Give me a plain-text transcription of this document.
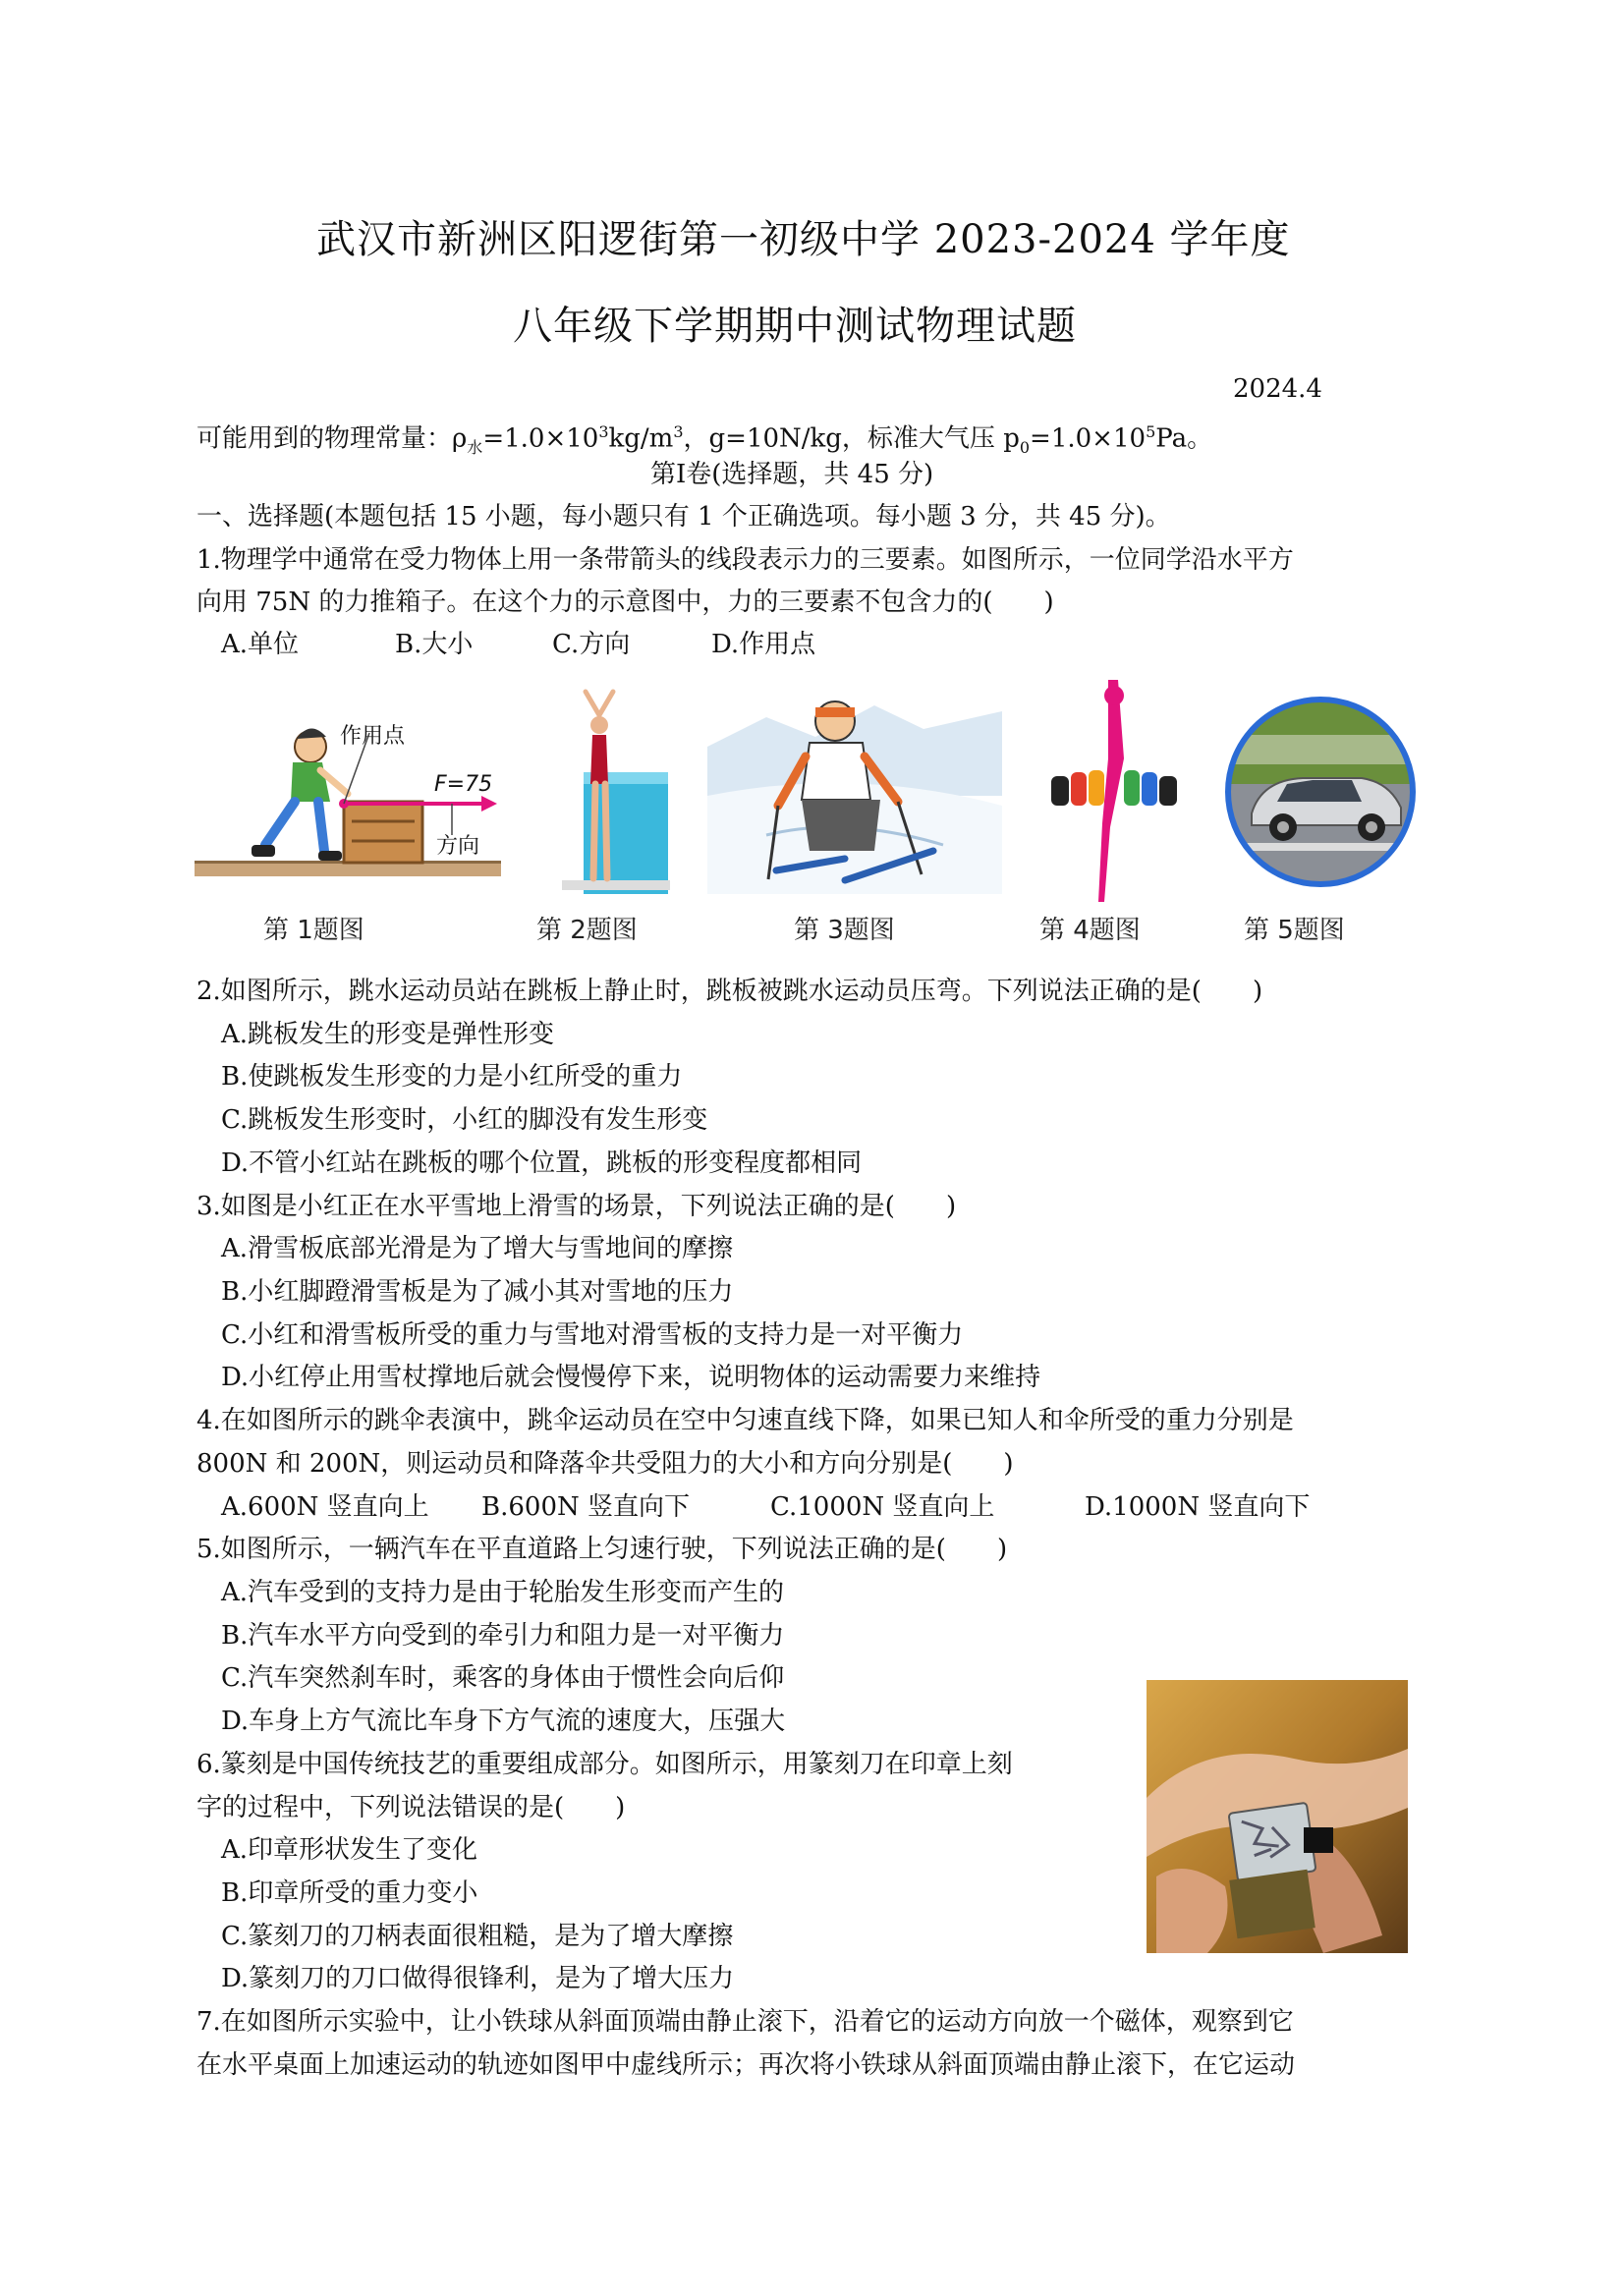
武汉市新洲区阳逻街第一初级中学 2023-2024 学年度
八年级下学期期中测试物理试题
2024.4
可能用到的物理常量：$\rho_水=1.0\times 10^3kg/m^3$，g=10N/kg，标准大气压 $p_0=1.0\times 10^5Pa$。
第Ⅰ卷(选择题，共 45 分)
一、选择题(本题包括 15 小题，每小题只有 1 个正确选项。每小题 3 分，共 45 分)。
1.物理学中通常在受力物体上用一条带箭头的线段表示力的三要素。如图所示，一位同学沿水平方
向用 75N 的力推箱子。在这个力的示意图中，力的三要素不包含力的(　　)
A.单位	B.大小	C.方向	D.作用点
作用点
F=75
方向
第 1题图	第 2题图	第 3题图	第 4题图	第 5题图
2.如图所示，跳水运动员站在跳板上静止时，跳板被跳水运动员压弯。下列说法正确的是(　　)
A.跳板发生的形变是弹性形变
B.使跳板发生形变的力是小红所受的重力
C.跳板发生形变时，小红的脚没有发生形变
D.不管小红站在跳板的哪个位置，跳板的形变程度都相同
3.如图是小红正在水平雪地上滑雪的场景，下列说法正确的是(　　)
A.滑雪板底部光滑是为了增大与雪地间的摩擦
B.小红脚蹬滑雪板是为了减小其对雪地的压力
C.小红和滑雪板所受的重力与雪地对滑雪板的支持力是一对平衡力
D.小红停止用雪杖撑地后就会慢慢停下来，说明物体的运动需要力来维持
4.在如图所示的跳伞表演中，跳伞运动员在空中匀速直线下降，如果已知人和伞所受的重力分别是
800N 和 200N，则运动员和降落伞共受阻力的大小和方向分别是(　　)
A.600N 竖直向上 B.600N 竖直向下	C.1000N 竖直向上	D.1000N 竖直向下
5.如图所示，一辆汽车在平直道路上匀速行驶，下列说法正确的是(　　)
A.汽车受到的支持力是由于轮胎发生形变而产生的
B.汽车水平方向受到的牵引力和阻力是一对平衡力
C.汽车突然刹车时，乘客的身体由于惯性会向后仰
D.车身上方气流比车身下方气流的速度大，压强大
6.篆刻是中国传统技艺的重要组成部分。如图所示，用篆刻刀在印章上刻
字的过程中，下列说法错误的是(　　)
A.印章形状发生了变化
B.印章所受的重力变小
C.篆刻刀的刀柄表面很粗糙，是为了增大摩擦
D.篆刻刀的刀口做得很锋利，是为了增大压力
7.在如图所示实验中，让小铁球从斜面顶端由静止滚下，沿着它的运动方向放一个磁体，观察到它
在水平桌面上加速运动的轨迹如图甲中虚线所示；再次将小铁球从斜面顶端由静止滚下，在它运动
